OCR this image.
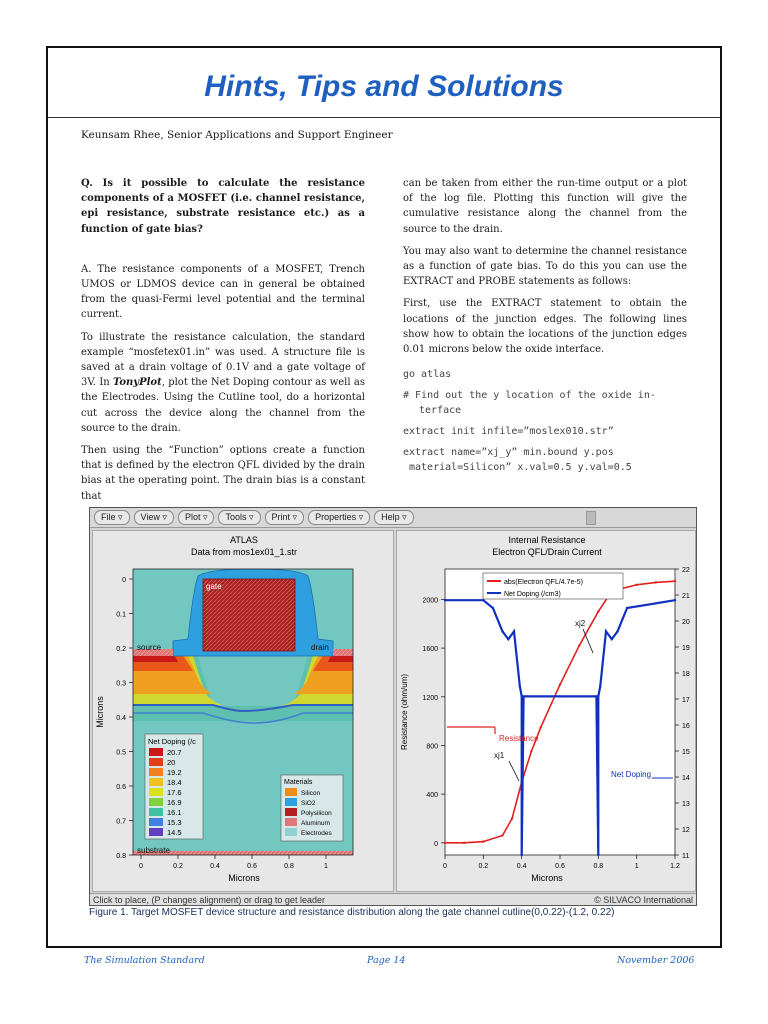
Hints, Tips and Solutions
Keunsam Rhee, Senior Applications and Support Engineer

Q. Is it possible to calculate the resistance components of a MOSFET (i.e. channel resistance, epi resistance, substrate resistance etc.) as a function of gate bias?

A. The resistance components of a MOSFET, Trench UMOS or LDMOS device can in general be obtained from the quasi-Fermi level potential and the terminal current.

To illustrate the resistance calculation, the standard example “mosfetex01.in” was used. A structure file is saved at a drain voltage of 0.1V and a gate voltage of 3V. In TonyPlot, plot the Net Doping contour as well as the Electrodes. Using the Cutline tool, do a horizontal cut across the device along the channel from the source to the drain.

Then using the “Function” options create a function that is defined by the electron QFL divided by the drain bias at the operating point. The drain bias is a constant that

can be taken from either the run-time output or a plot of the log file. Plotting this function will give the cumulative resistance along the channel from the source to the drain.

You may also want to determine the channel resistance as a function of gate bias. To do this you can use the EXTRACT and PROBE statements as follows:

First, use the EXTRACT statement to obtain the locations of the junction edges. The following lines show how to obtain the locations of the junction edges 0.01 microns below the oxide interface.

go atlas
# Find out the y location of the oxide in-
terface
extract init infile=”moslex010.str”
extract name=”xj_y” min.bound y.pos
material=Silicon” x.val=0.5 y.val=0.5
File ▿	View ▿	Plot ▿	Tools ▿	Print ▿	Properties ▿	Help ▿
ATLAS
Data from mos1ex01_1.str
gate
source	drain
substrate
0
0.1
0.2
0.3
0.4
0.5
0.6
0.7
0.8
0	0.2	0.4	0.6	0.8	1
Microns
Microns
Net Doping (/c
20.7
20
19.2
18.4
17.6
16.9
16.1
15.3
14.5
Materials
Silicon
SiO2
Polysilicon
Aluminum
Electrodes
Internal Resistance
Electron QFL/Drain Current
0
400
800
1200
1600
2000
11
12
13
14
15
16
17
18
19
20
21
22
0	0.2	0.4	0.6	0.8	1	1.2
abs(Electron QFL/4.7e-5)
Net Doping (/cm3)
Microns
Resistance (ohm/um)	Resistance
Net Doping
xj1
xj2
Click to place, (P changes alignment) or drag to get leader	© SILVACO International
Figure 1. Target MOSFET device structure and resistance distribution along the gate channel cutline(0,0.22)-(1.2, 0.22)
The Simulation Standard	Page 14	November 2006
